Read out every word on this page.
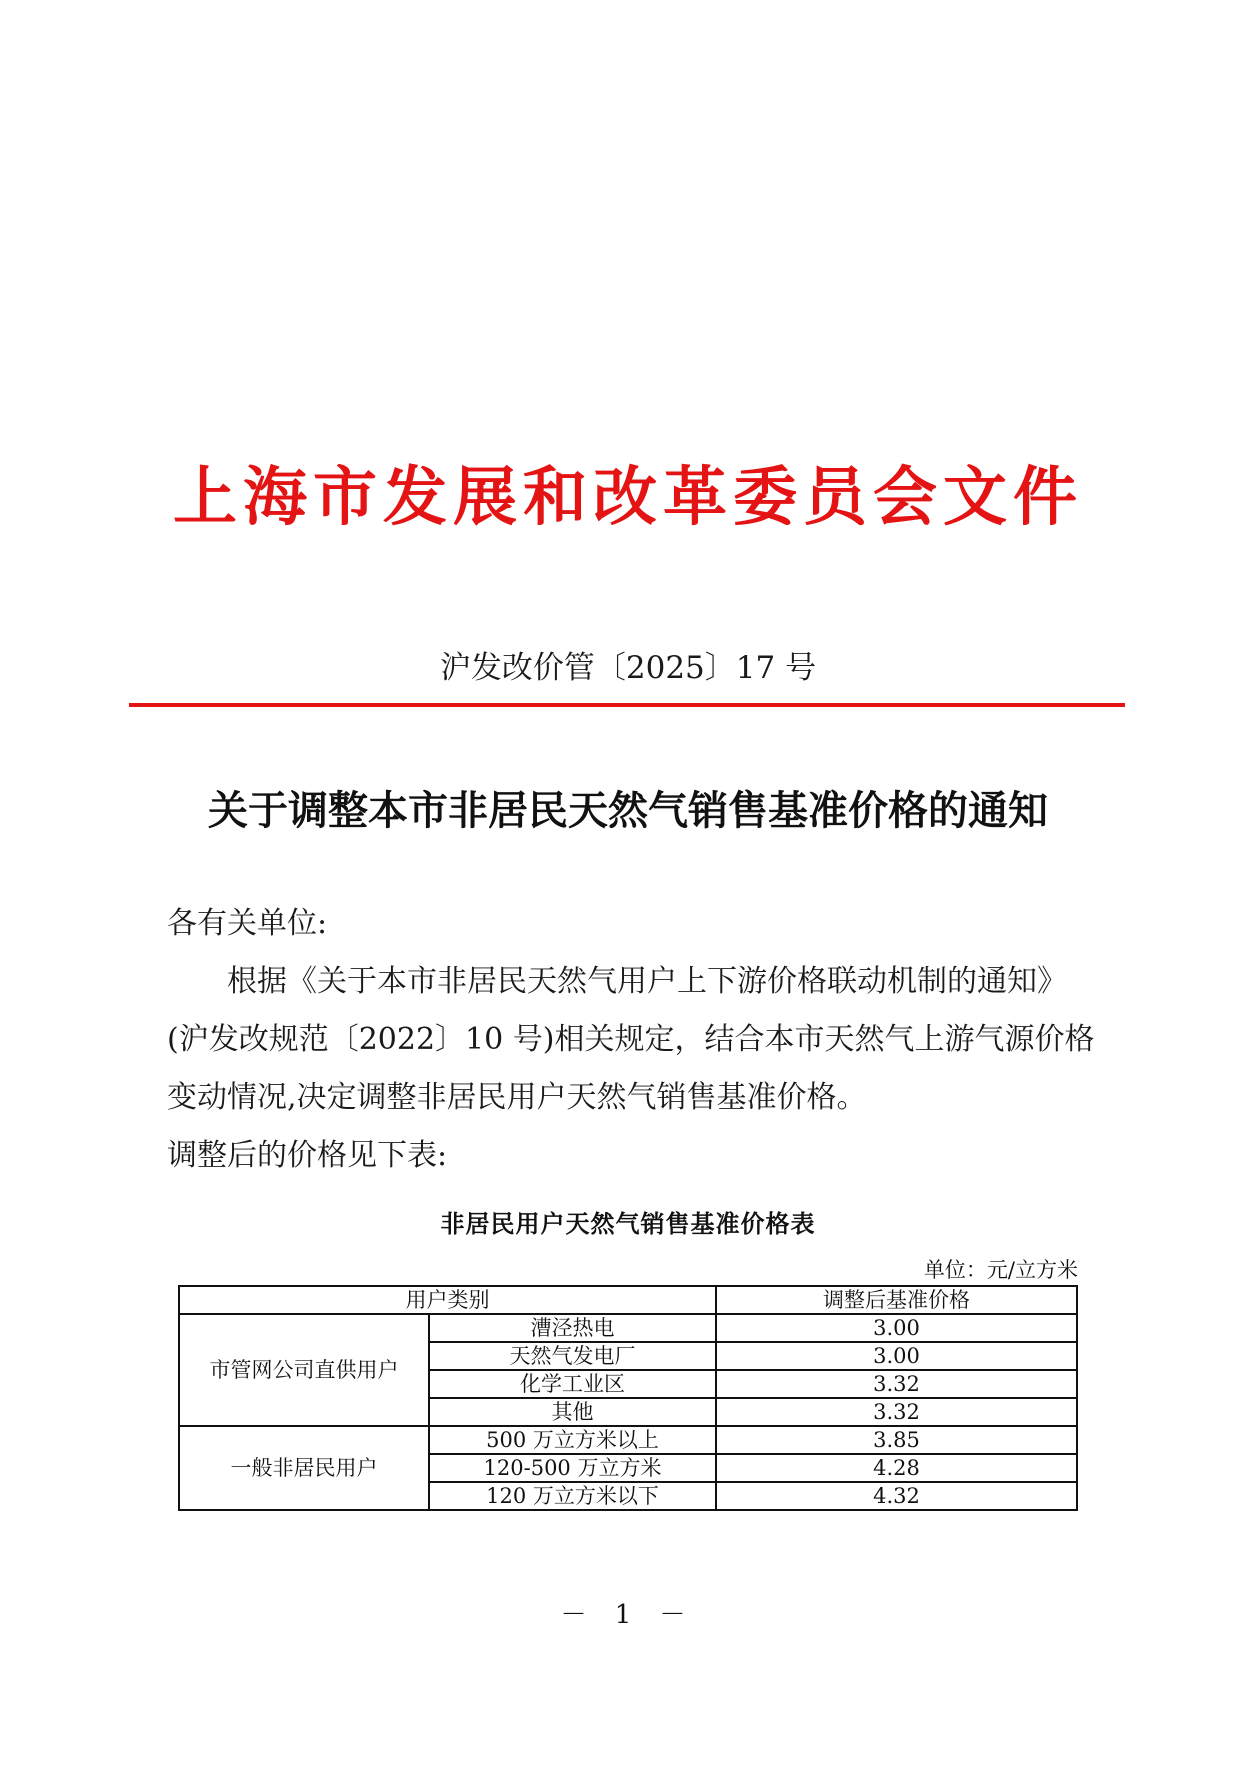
上海市发展和改革委员会文件
沪发改价管〔2025〕17 号
关于调整本市非居民天然气销售基准价格的通知

各有关单位:

根据《关于本市非居民天然气用户上下游价格联动机制的通知》(沪发改规范〔2022〕10 号)相关规定，结合本市天然气上游气源价格变动情况,决定调整非居民用户天然气销售基准价格。

调整后的价格见下表:

非居民用户天然气销售基准价格表
单位：元/立方米
用户类别		调整后基准价格
市管网公司直供用户	漕泾热电	3.00
	天然气发电厂	3.00
	化学工业区	3.32
	其他	3.32
一般非居民用户	500 万立方米以上	3.85
	120-500 万立方米	4.28
	120 万立方米以下	4.32
－ 1 －
